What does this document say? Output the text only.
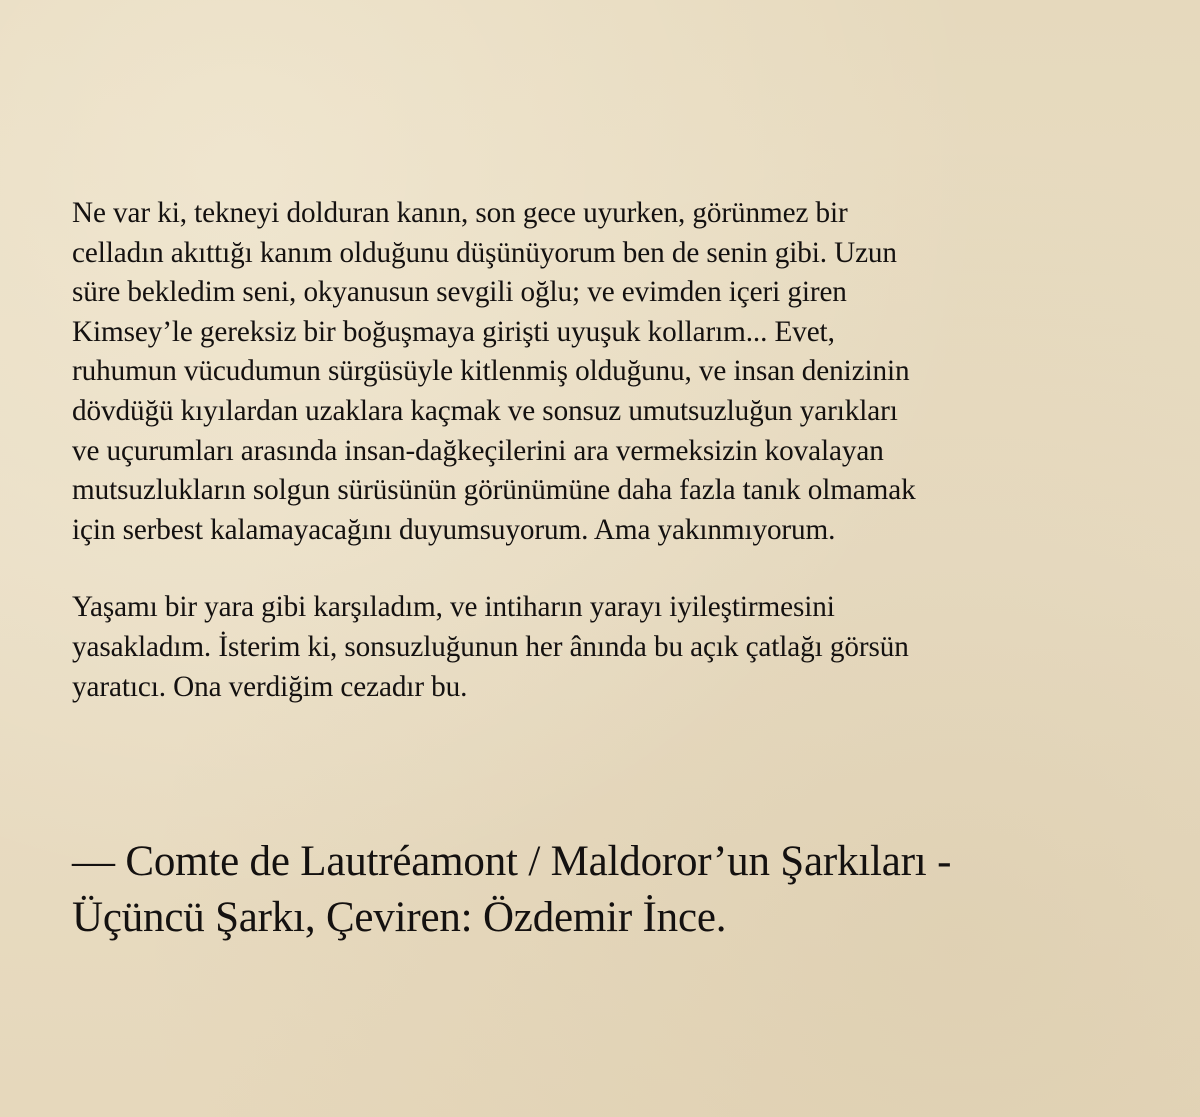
Ne var ki, tekneyi dolduran kanın, son gece uyurken, görünmez bir
celladın akıttığı kanım olduğunu düşünüyorum ben de senin gibi. Uzun
süre bekledim seni, okyanusun sevgili oğlu; ve evimden içeri giren
Kimsey’le gereksiz bir boğuşmaya girişti uyuşuk kollarım... Evet,
ruhumun vücudumun sürgüsüyle kitlenmiş olduğunu, ve insan denizinin
dövdüğü kıyılardan uzaklara kaçmak ve sonsuz umutsuzluğun yarıkları
ve uçurumları arasında insan-dağkeçilerini ara vermeksizin kovalayan
mutsuzlukların solgun sürüsünün görünümüne daha fazla tanık olmamak
için serbest kalamayacağını duyumsuyorum. Ama yakınmıyorum.

Yaşamı bir yara gibi karşıladım, ve intiharın yarayı iyileştirmesini
yasakladım. İsterim ki, sonsuzluğunun her ânında bu açık çatlağı görsün
yaratıcı. Ona verdiğim cezadır bu.

— Comte de Lautréamont / Maldoror’un Şarkıları -
Üçüncü Şarkı, Çeviren: Özdemir İnce.
